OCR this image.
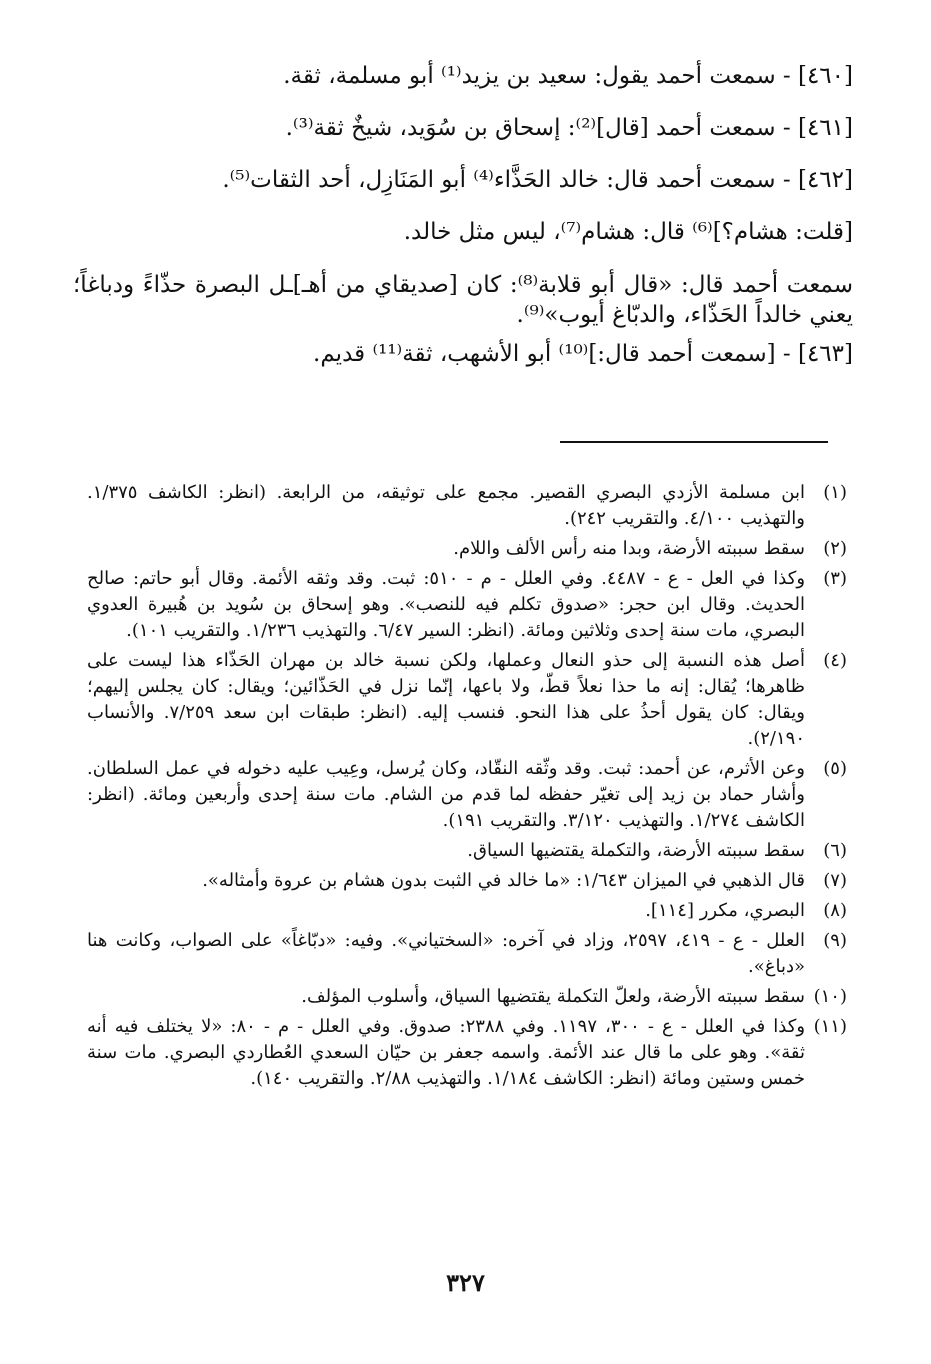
[٤٦٠] - سمعت أحمد يقول: سعيد بن يزيد⁽¹⁾ أبو مسلمة، ثقة.
[٤٦١] - سمعت أحمد [قال]⁽²⁾: إسحاق بن سُوَيد، شيخٌ ثقة⁽³⁾.
[٤٦٢] - سمعت أحمد قال: خالد الحَذَّاء⁽⁴⁾ أبو المَنَازِل، أحد الثقات⁽⁵⁾.
[قلت: هشام؟]⁽⁶⁾ قال: هشام⁽⁷⁾، ليس مثل خالد.
سمعت أحمد قال: «قال أبو قلابة⁽⁸⁾: كان [صديقاي من أهـ]ـل البصرة حذّاءً ودباغاً؛ يعني خالداً الحَذّاء، والدبّاغ أيوب»⁽⁹⁾.
[٤٦٣] - [سمعت أحمد قال:]⁽¹⁰⁾ أبو الأشهب، ثقة⁽¹¹⁾ قديم.
(١)

ابن مسلمة الأزدي البصري القصير. مجمع على توثيقه، من الرابعة. (انظر: الكاشف ١/٣٧٥. والتهذيب ٤/١٠٠. والتقريب ٢٤٢).

(٢)

سقط سببته الأرضة، وبدا منه رأس الألف واللام.

(٣)

وكذا في العل - ع - ٤٤٨٧. وفي العلل - م - ٥١٠: ثبت. وقد وثقه الأئمة. وقال أبو حاتم: صالح الحديث. وقال ابن حجر: «صدوق تكلم فيه للنصب». وهو إسحاق بن سُويد بن هُبيرة العدوي البصري، مات سنة إحدى وثلاثين ومائة. (انظر: السير ٦/٤٧. والتهذيب ١/٢٣٦. والتقريب ١٠١).

(٤)

أصل هذه النسبة إلى حذو النعال وعملها، ولكن نسبة خالد بن مهران الحَذّاء هذا ليست على ظاهرها؛ يُقال: إنه ما حذا نعلاً قطّ، ولا باعها، إنّما نزل في الحَذّائين؛ ويقال: كان يجلس إليهم؛ ويقال: كان يقول أحذُ على هذا النحو. فنسب إليه. (انظر: طبقات ابن سعد ٧/٢٥٩. والأنساب ٢/١٩٠).

(٥)

وعن الأثرم، عن أحمد: ثبت. وقد وثّقه النقّاد، وكان يُرسل، وعِيب عليه دخوله في عمل السلطان. وأشار حماد بن زيد إلى تغيّر حفظه لما قدم من الشام. مات سنة إحدى وأربعين ومائة. (انظر: الكاشف ١/٢٧٤. والتهذيب ٣/١٢٠. والتقريب ١٩١).

(٦)

سقط سببته الأرضة، والتكملة يقتضيها السياق.

(٧)

قال الذهبي في الميزان ١/٦٤٣: «ما خالد في الثبت بدون هشام بن عروة وأمثاله».

(٨)

البصري، مكرر [١١٤].

(٩)

العلل - ع - ٤١٩، ٢٥٩٧، وزاد في آخره: «السختياني». وفيه: «دبّاغاً» على الصواب، وكانت هنا «دباغ».

(١٠)

سقط سببته الأرضة، ولعلّ التكملة يقتضيها السياق، وأسلوب المؤلف.

(١١)

وكذا في العلل - ع - ٣٠٠، ١١٩٧. وفي ٢٣٨٨: صدوق. وفي العلل - م - ٨٠: «لا يختلف فيه أنه ثقة». وهو على ما قال عند الأئمة. واسمه جعفر بن حيّان السعدي العُطاردي البصري. مات سنة خمس وستين ومائة (انظر: الكاشف ١/١٨٤. والتهذيب ٢/٨٨. والتقريب ١٤٠).

٣٢٧
